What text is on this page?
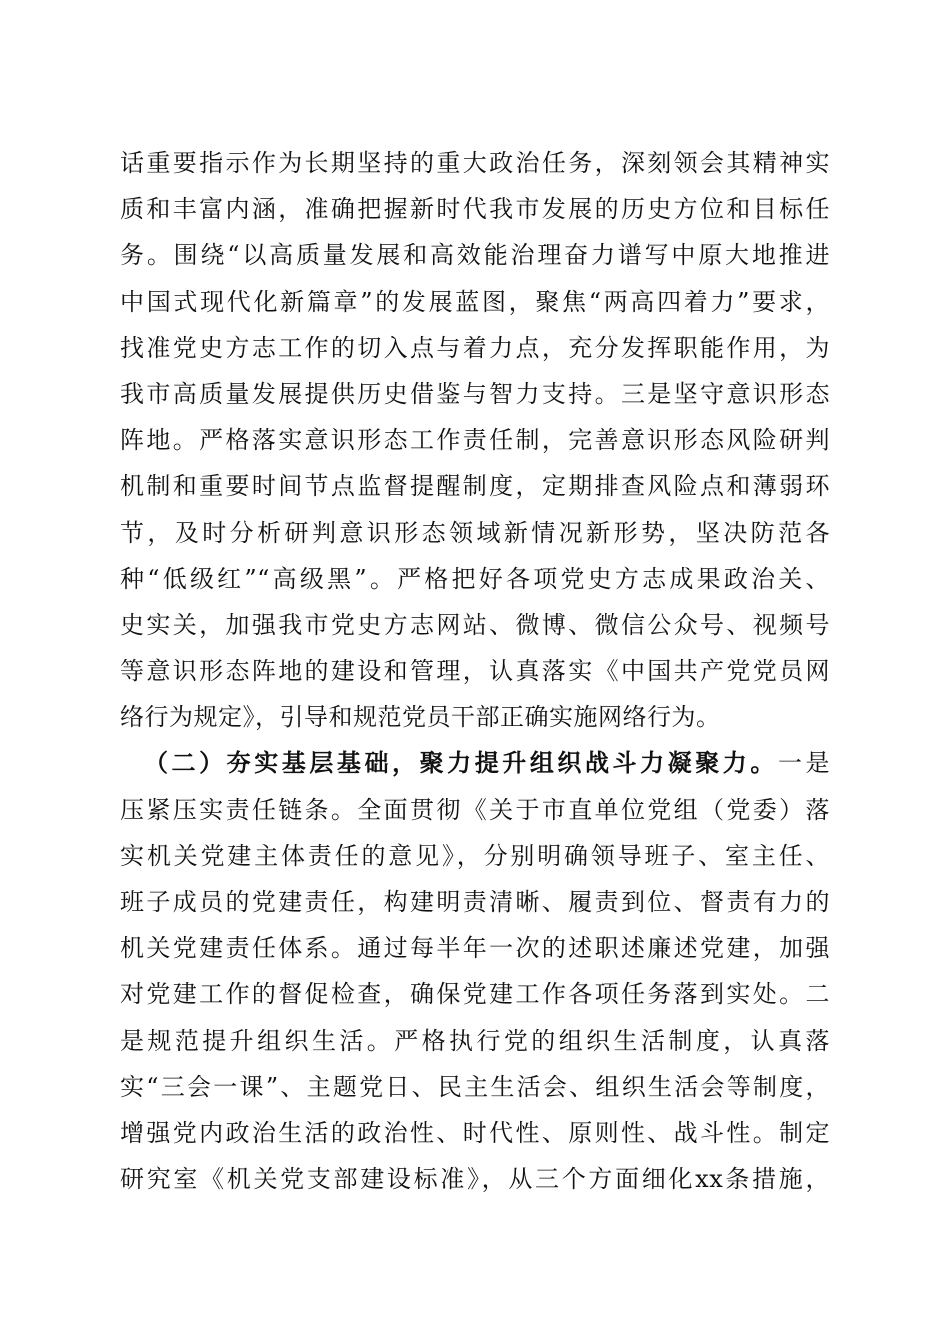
话重要指示作为长期坚持的重大政治任务，深刻领会其精神实
质和丰富内涵，准确把握新时代我市发展的历史方位和目标任
务。围绕“以高质量发展和高效能治理奋力谱写中原大地推进
中国式现代化新篇章”的发展蓝图，聚焦“两高四着力”要求，
找准党史方志工作的切入点与着力点，充分发挥职能作用，为
我市高质量发展提供历史借鉴与智力支持。三是坚守意识形态
阵地。严格落实意识形态工作责任制，完善意识形态风险研判
机制和重要时间节点监督提醒制度，定期排查风险点和薄弱环
节，及时分析研判意识形态领域新情况新形势，坚决防范各
种“低级红”“高级黑”。严格把好各项党史方志成果政治关、
史实关，加强我市党史方志网站、微博、微信公众号、视频号
等意识形态阵地的建设和管理，认真落实《中国共产党党员网
络行为规定》，引导和规范党员干部正确实施网络行为。
（二）夯实基层基础，聚力提升组织战斗力凝聚力。一是
压紧压实责任链条。全面贯彻《关于市直单位党组（党委）落
实机关党建主体责任的意见》，分别明确领导班子、室主任、
班子成员的党建责任，构建明责清晰、履责到位、督责有力的
机关党建责任体系。通过每半年一次的述职述廉述党建，加强
对党建工作的督促检查，确保党建工作各项任务落到实处。二
是规范提升组织生活。严格执行党的组织生活制度，认真落
实“三会一课”、主题党日、民主生活会、组织生活会等制度，
增强党内政治生活的政治性、时代性、原则性、战斗性。制定
研究室《机关党支部建设标准》，从三个方面细化xx条措施，
